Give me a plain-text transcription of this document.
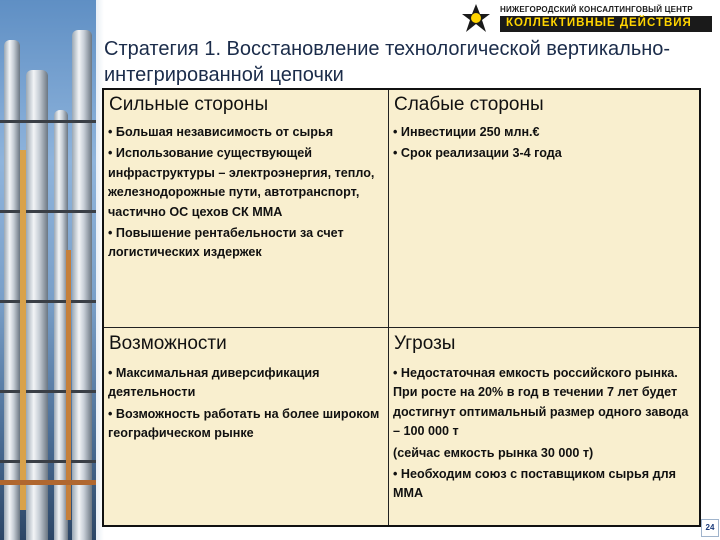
НИЖЕГОРОДСКИЙ КОНСАЛТИНГОВЫЙ ЦЕНТР
КОЛЛЕКТИВНЫЕ ДЕЙСТВИЯ
Стратегия 1. Восстановление технологической вертикально-интегрированной цепочки
Сильные стороны

• Большая независимость от сырья

• Использование существующей инфраструктуры – электроэнергия, тепло, железнодорожные пути, автотранспорт, частично ОС цехов СК ММА

• Повышение рентабельности за счет логистических издержек

Слабые стороны

• Инвестиции 250 млн.€

• Срок реализации 3-4 года

Возможности

• Максимальная диверсификация деятельности

• Возможность работать на более широком географическом рынке

Угрозы

• Недостаточная емкость российского рынка. При росте на 20% в год в течении 7 лет будет достигнут оптимальный размер одного завода – 100 000 т

(сейчас емкость рынка 30 000 т)

• Необходим союз с поставщиком сырья для ММА

24
